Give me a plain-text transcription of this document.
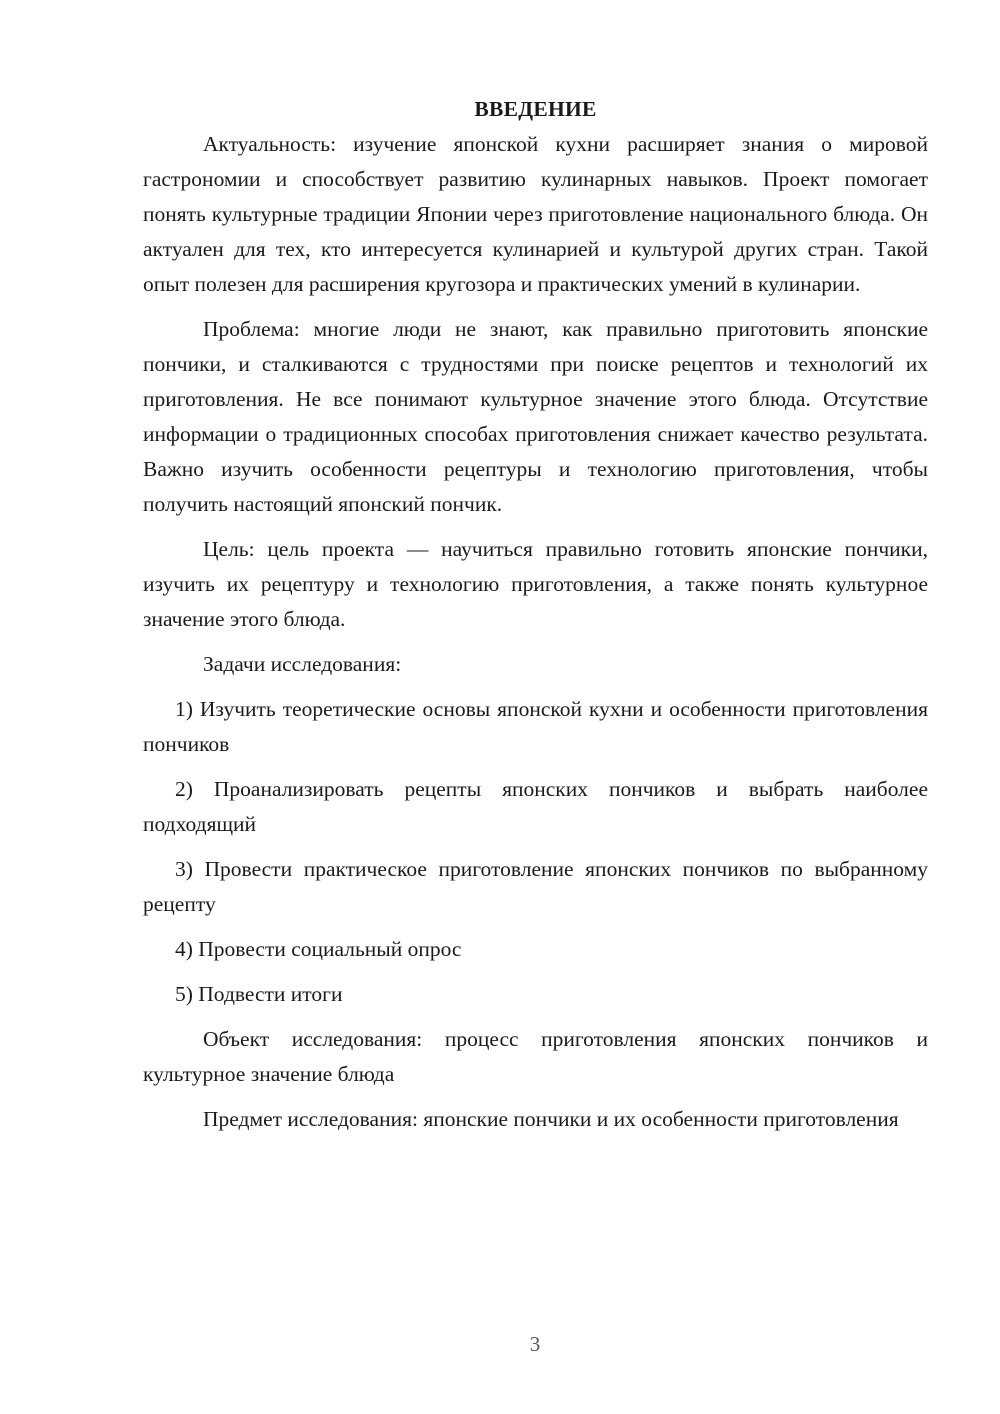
ВВЕДЕНИЕ

Актуальность: изучение японской кухни расширяет знания о мировой гастрономии и способствует развитию кулинарных навыков. Проект помогает понять культурные традиции Японии через приготовление национального блюда. Он актуален для тех, кто интересуется кулинарией и культурой других стран. Такой опыт полезен для расширения кругозора и практических умений в кулинарии.

Проблема: многие люди не знают, как правильно приготовить японские пончики, и сталкиваются с трудностями при поиске рецептов и технологий их приготовления. Не все понимают культурное значение этого блюда. Отсутствие информации о традиционных способах приготовления снижает качество результата. Важно изучить особенности рецептуры и технологию приготовления, чтобы получить настоящий японский пончик.

Цель: цель проекта — научиться правильно готовить японские пончики, изучить их рецептуру и технологию приготовления, а также понять культурное значение этого блюда.

Задачи исследования:

1) Изучить теоретические основы японской кухни и особенности приготовления пончиков

2) Проанализировать рецепты японских пончиков и выбрать наиболее подходящий

3) Провести практическое приготовление японских пончиков по выбранному рецепту

4) Провести социальный опрос

5) Подвести итоги

Объект исследования: процесс приготовления японских пончиков и культурное значение блюда

Предмет исследования: японские пончики и их особенности приготовления

3
